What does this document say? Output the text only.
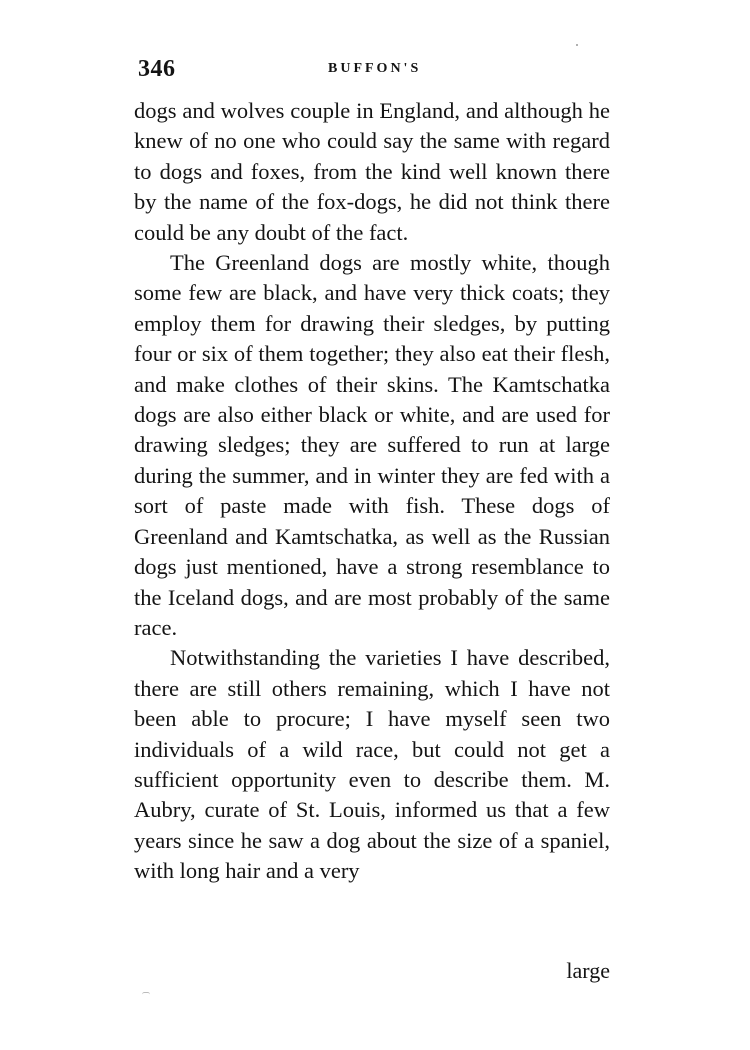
346	BUFFON'S

dogs and wolves couple in England, and although he knew of no one who could say the same with regard to dogs and foxes, from the kind well known there by the name of the fox-dogs, he did not think there could be any doubt of the fact.

The Greenland dogs are mostly white, though some few are black, and have very thick coats; they employ them for drawing their sledges, by putting four or six of them together; they also eat their flesh, and make clothes of their skins. The Kamtschatka dogs are also either black or white, and are used for drawing sledges; they are suffered to run at large during the summer, and in winter they are fed with a sort of paste made with fish. These dogs of Greenland and Kamtschatka, as well as the Russian dogs just mentioned, have a strong resemblance to the Iceland dogs, and are most probably of the same race.

Notwithstanding the varieties I have described, there are still others remaining, which I have not been able to procure; I have myself seen two individuals of a wild race, but could not get a sufficient opportunity even to describe them. M. Aubry, curate of St. Louis, informed us that a few years since he saw a dog about the size of a spaniel, with long hair and a very

large
